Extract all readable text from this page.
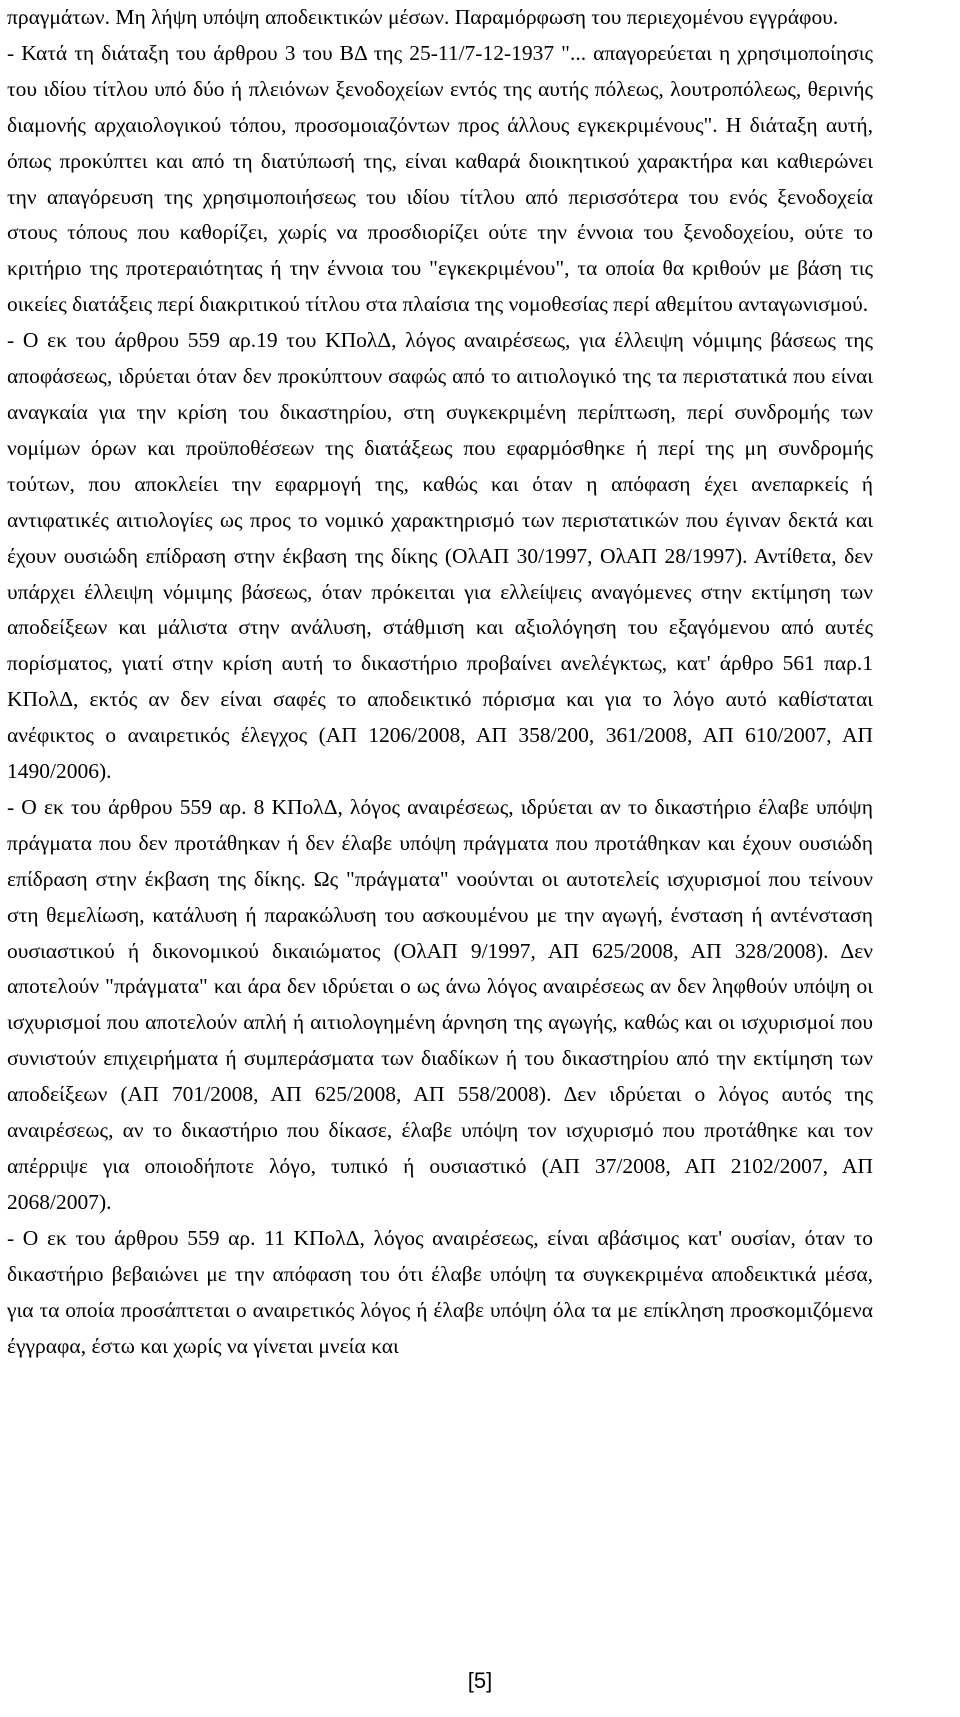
πραγμάτων. Μη λήψη υπόψη αποδεικτικών μέσων. Παραμόρφωση του περιεχομένου εγγράφου.

- Κατά τη διάταξη του άρθρου 3 του ΒΔ της 25-11/7-12-1937 "... απαγορεύεται η χρησιμοποίησις του ιδίου τίτλου υπό δύο ή πλειόνων ξενοδοχείων εντός της αυτής πόλεως, λουτροπόλεως, θερινής διαμονής αρχαιολογικού τόπου, προσομοιαζόντων προς άλλους εγκεκριμένους". Η διάταξη αυτή, όπως προκύπτει και από τη διατύπωσή της, είναι καθαρά διοικητικού χαρακτήρα και καθιερώνει την απαγόρευση της χρησιμοποιήσεως του ιδίου τίτλου από περισσότερα του ενός ξενοδοχεία στους τόπους που καθορίζει, χωρίς να προσδιορίζει ούτε την έννοια του ξενοδοχείου, ούτε το κριτήριο της προτεραιότητας ή την έννοια του "εγκεκριμένου", τα οποία θα κριθούν με βάση τις οικείες διατάξεις περί διακριτικού τίτλου στα πλαίσια της νομοθεσίας περί αθεμίτου ανταγωνισμού.

- Ο εκ του άρθρου 559 αρ.19 του ΚΠολΔ, λόγος αναιρέσεως, για έλλειψη νόμιμης βάσεως της αποφάσεως, ιδρύεται όταν δεν προκύπτουν σαφώς από το αιτιολογικό της τα περιστατικά που είναι αναγκαία για την κρίση του δικαστηρίου, στη συγκεκριμένη περίπτωση, περί συνδρομής των νομίμων όρων και προϋποθέσεων της διατάξεως που εφαρμόσθηκε ή περί της μη συνδρομής τούτων, που αποκλείει την εφαρμογή της, καθώς και όταν η απόφαση έχει ανεπαρκείς ή αντιφατικές αιτιολογίες ως προς το νομικό χαρακτηρισμό των περιστατικών που έγιναν δεκτά και έχουν ουσιώδη επίδραση στην έκβαση της δίκης (ΟλΑΠ 30/1997, ΟλΑΠ 28/1997). Αντίθετα, δεν υπάρχει έλλειψη νόμιμης βάσεως, όταν πρόκειται για ελλείψεις αναγόμενες στην εκτίμηση των αποδείξεων και μάλιστα στην ανάλυση, στάθμιση και αξιολόγηση του εξαγόμενου από αυτές πορίσματος, γιατί στην κρίση αυτή το δικαστήριο προβαίνει ανελέγκτως, κατ' άρθρο 561 παρ.1 ΚΠολΔ, εκτός αν δεν είναι σαφές το αποδεικτικό πόρισμα και για το λόγο αυτό καθίσταται ανέφικτος ο αναιρετικός έλεγχος (ΑΠ 1206/2008, ΑΠ 358/200, 361/2008, ΑΠ 610/2007, ΑΠ 1490/2006).

- Ο εκ του άρθρου 559 αρ. 8 ΚΠολΔ, λόγος αναιρέσεως, ιδρύεται αν το δικαστήριο έλαβε υπόψη πράγματα που δεν προτάθηκαν ή δεν έλαβε υπόψη πράγματα που προτάθηκαν και έχουν ουσιώδη επίδραση στην έκβαση της δίκης. Ως "πράγματα" νοούνται οι αυτοτελείς ισχυρισμοί που τείνουν στη θεμελίωση, κατάλυση ή παρακώλυση του ασκουμένου με την αγωγή, ένσταση ή αντένσταση ουσιαστικού ή δικονομικού δικαιώματος (ΟλΑΠ 9/1997, ΑΠ 625/2008, ΑΠ 328/2008). Δεν αποτελούν "πράγματα" και άρα δεν ιδρύεται ο ως άνω λόγος αναιρέσεως αν δεν ληφθούν υπόψη οι ισχυρισμοί που αποτελούν απλή ή αιτιολογημένη άρνηση της αγωγής, καθώς και οι ισχυρισμοί που συνιστούν επιχειρήματα ή συμπεράσματα των διαδίκων ή του δικαστηρίου από την εκτίμηση των αποδείξεων (ΑΠ 701/2008, ΑΠ 625/2008, ΑΠ 558/2008). Δεν ιδρύεται ο λόγος αυτός της αναιρέσεως, αν το δικαστήριο που δίκασε, έλαβε υπόψη τον ισχυρισμό που προτάθηκε και τον απέρριψε για οποιοδήποτε λόγο, τυπικό ή ουσιαστικό (ΑΠ 37/2008, ΑΠ 2102/2007, ΑΠ 2068/2007).

- Ο εκ του άρθρου 559 αρ. 11 ΚΠολΔ, λόγος αναιρέσεως, είναι αβάσιμος κατ' ουσίαν, όταν το δικαστήριο βεβαιώνει με την απόφαση του ότι έλαβε υπόψη τα συγκεκριμένα αποδεικτικά μέσα, για τα οποία προσάπτεται ο αναιρετικός λόγος ή έλαβε υπόψη όλα τα με επίκληση προσκομιζόμενα έγγραφα, έστω και χωρίς να γίνεται μνεία και

[5]
